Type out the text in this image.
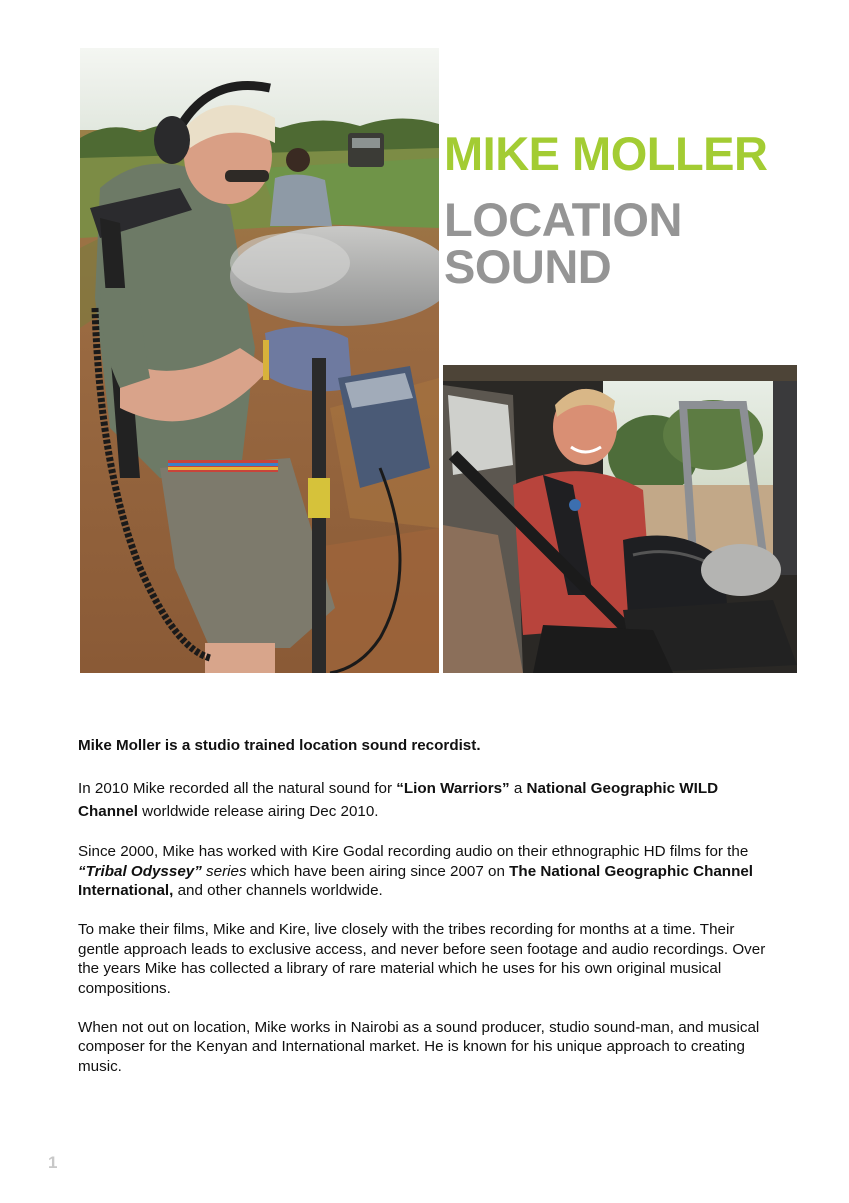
MIKE MOLLER

LOCATION

SOUND

Mike Moller is a studio trained location sound recordist.

In 2010 Mike recorded all the natural sound for “Lion Warriors” a National Geographic WILD Channel worldwide release airing Dec 2010.

Since 2000, Mike has worked with Kire Godal recording audio on their ethnographic HD films for the “Tribal Odyssey” series which have been airing since 2007 on The National Geographic Channel International, and other channels worldwide.

To make their films, Mike and Kire, live closely with the tribes recording for months at a time. Their gentle approach leads to exclusive access, and never before seen footage and audio recordings. Over the years Mike has collected a library of rare material which he uses for his own original musical compositions.

When not out on location, Mike works in Nairobi as a sound producer, studio sound-man, and musical composer for the Kenyan and International market. He is known for his unique approach to creating music.

1
